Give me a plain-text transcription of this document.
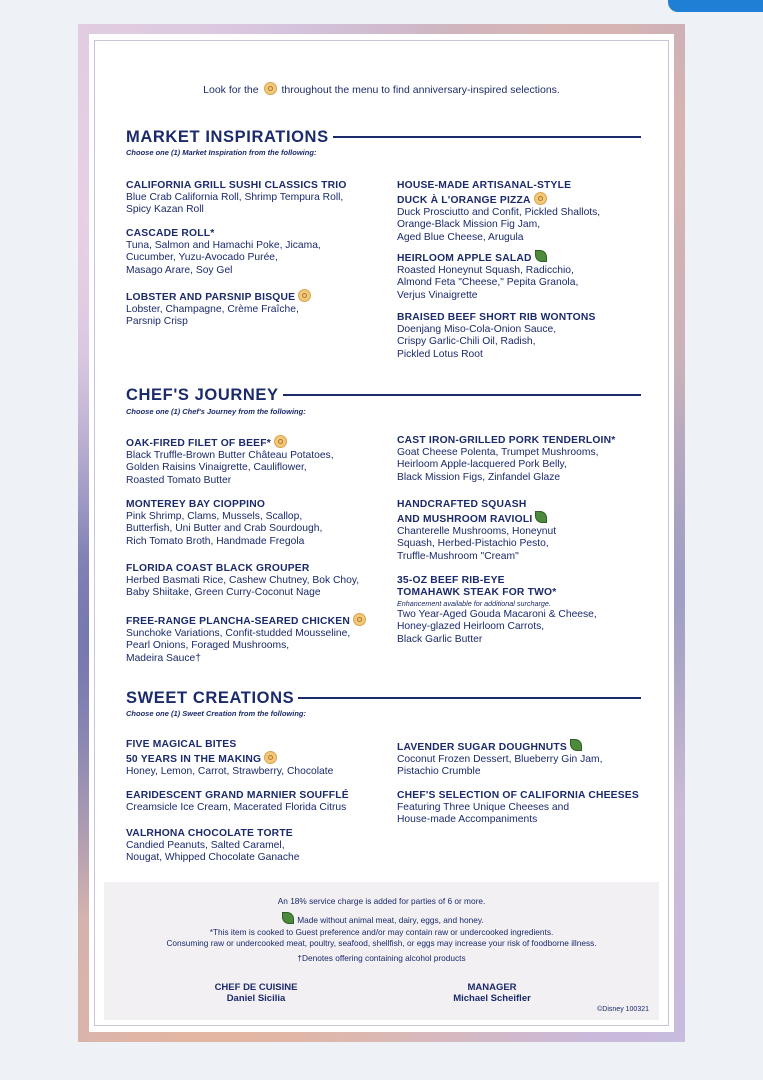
Look for the throughout the menu to find anniversary-inspired selections.
MARKET INSPIRATIONS
Choose one (1) Market Inspiration from the following:
CALIFORNIA GRILL SUSHI CLASSICS TRIO
Blue Crab California Roll, Shrimp Tempura Roll,
Spicy Kazan Roll
CASCADE ROLL*
Tuna, Salmon and Hamachi Poke, Jicama,
Cucumber, Yuzu-Avocado Purée,
Masago Arare, Soy Gel
LOBSTER AND PARSNIP BISQUE
Lobster, Champagne, Crème Fraîche,
Parsnip Crisp
HOUSE-MADE ARTISANAL-STYLE
DUCK À L'ORANGE PIZZA
Duck Prosciutto and Confit, Pickled Shallots,
Orange-Black Mission Fig Jam,
Aged Blue Cheese, Arugula
HEIRLOOM APPLE SALAD
Roasted Honeynut Squash, Radicchio,
Almond Feta "Cheese," Pepita Granola,
Verjus Vinaigrette
BRAISED BEEF SHORT RIB WONTONS
Doenjang Miso-Cola-Onion Sauce,
Crispy Garlic-Chili Oil, Radish,
Pickled Lotus Root
CHEF'S JOURNEY
Choose one (1) Chef's Journey from the following:
OAK-FIRED FILET OF BEEF*
Black Truffle-Brown Butter Château Potatoes,
Golden Raisins Vinaigrette, Cauliflower,
Roasted Tomato Butter
MONTEREY BAY CIOPPINO
Pink Shrimp, Clams, Mussels, Scallop,
Butterfish, Uni Butter and Crab Sourdough,
Rich Tomato Broth, Handmade Fregola
FLORIDA COAST BLACK GROUPER
Herbed Basmati Rice, Cashew Chutney, Bok Choy,
Baby Shiitake, Green Curry-Coconut Nage
FREE-RANGE PLANCHA-SEARED CHICKEN
Sunchoke Variations, Confit-studded Mousseline,
Pearl Onions, Foraged Mushrooms,
Madeira Sauce†
CAST IRON-GRILLED PORK TENDERLOIN*
Goat Cheese Polenta, Trumpet Mushrooms,
Heirloom Apple-lacquered Pork Belly,
Black Mission Figs, Zinfandel Glaze
HANDCRAFTED SQUASH
AND MUSHROOM RAVIOLI
Chanterelle Mushrooms, Honeynut
Squash, Herbed-Pistachio Pesto,
Truffle-Mushroom "Cream"
35-OZ BEEF RIB-EYE
TOMAHAWK STEAK FOR TWO*
Enhancement available for additional surcharge.
Two Year-Aged Gouda Macaroni & Cheese,
Honey-glazed Heirloom Carrots,
Black Garlic Butter
SWEET CREATIONS
Choose one (1) Sweet Creation from the following:
FIVE MAGICAL BITES
50 YEARS IN THE MAKING
Honey, Lemon, Carrot, Strawberry, Chocolate
EARIDESCENT GRAND MARNIER SOUFFLÉ
Creamsicle Ice Cream, Macerated Florida Citrus
VALRHONA CHOCOLATE TORTE
Candied Peanuts, Salted Caramel,
Nougat, Whipped Chocolate Ganache
LAVENDER SUGAR DOUGHNUTS
Coconut Frozen Dessert, Blueberry Gin Jam,
Pistachio Crumble
CHEF'S SELECTION OF CALIFORNIA CHEESES
Featuring Three Unique Cheeses and
House-made Accompaniments
An 18% service charge is added for parties of 6 or more.
Made without animal meat, dairy, eggs, and honey.
*This item is cooked to Guest preference and/or may contain raw or undercooked ingredients.
Consuming raw or undercooked meat, poultry, seafood, shellfish, or eggs may increase your risk of foodborne illness.
†Denotes offering containing alcohol products
CHEF DE CUISINE
Daniel Sicilia
MANAGER
Michael Scheifler
©Disney 100321
